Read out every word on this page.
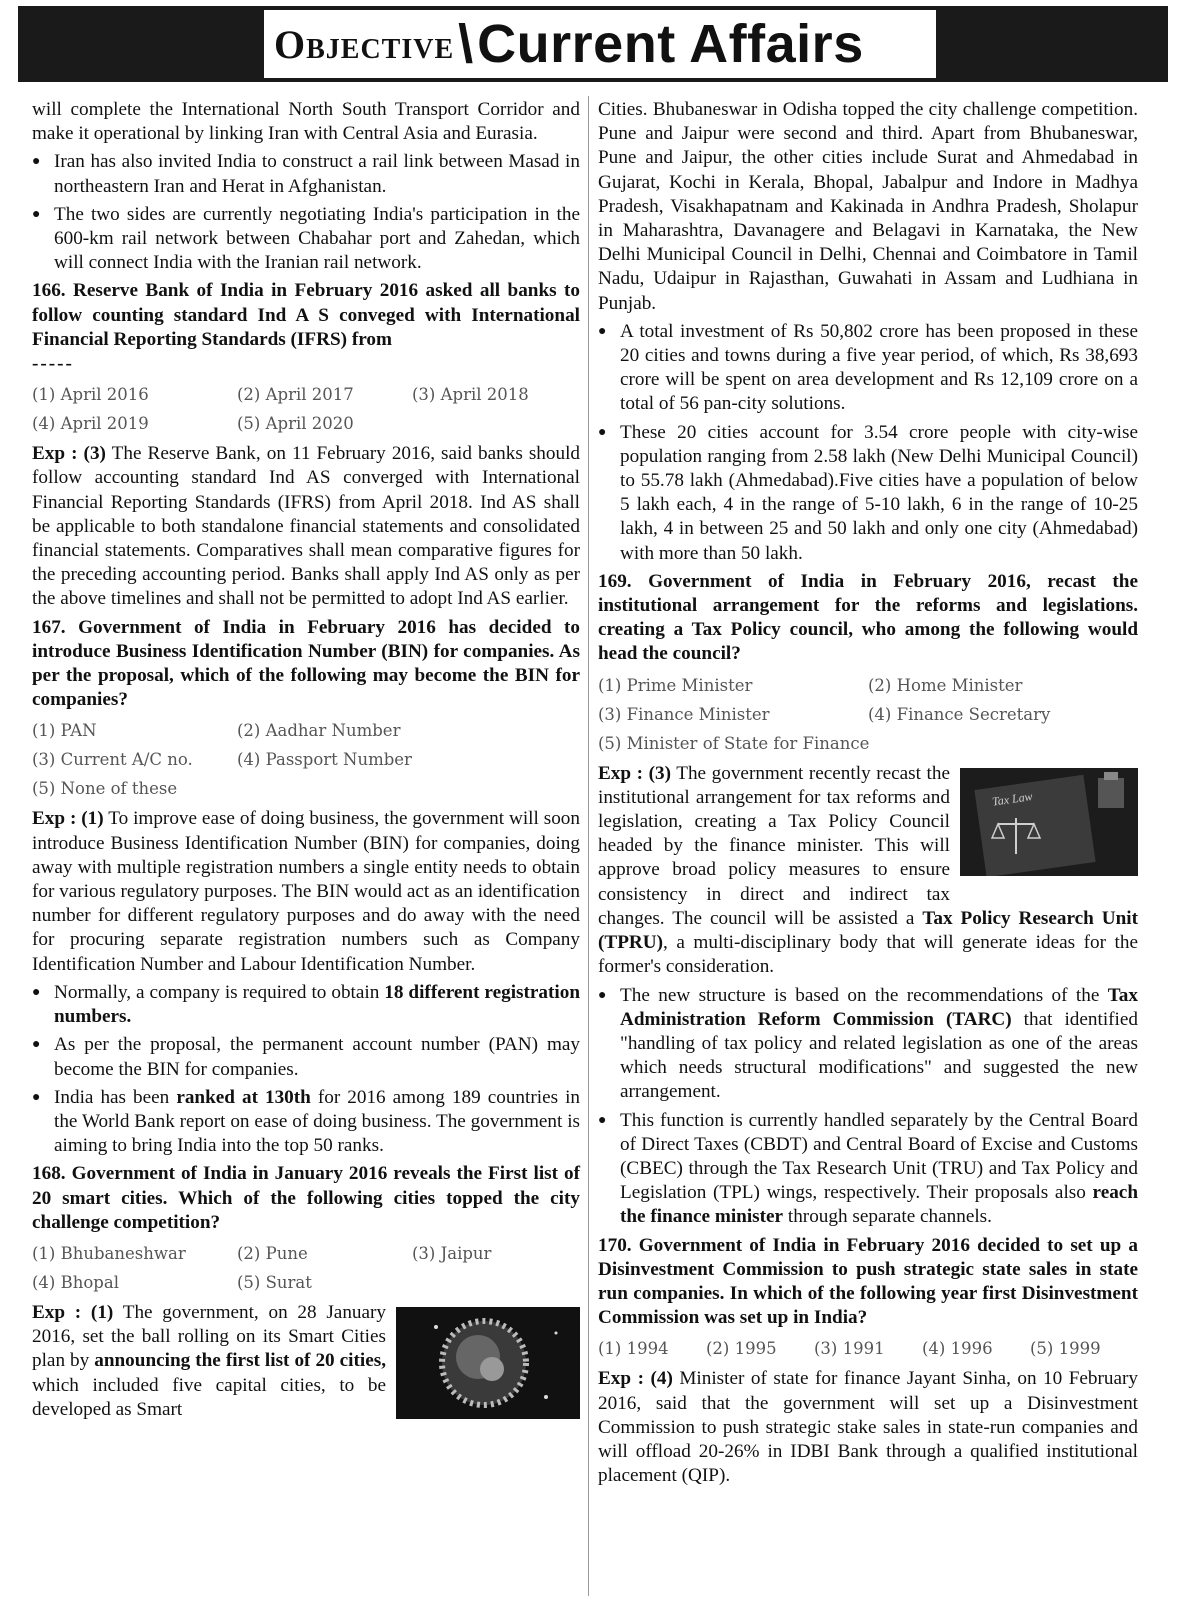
Objective \ Current Affairs

will complete the International North South Transport Corridor and make it operational by linking Iran with Central Asia and Eurasia.

● Iran has also invited India to construct a rail link between Masad in northeastern Iran and Herat in Afghanistan.
● The two sides are currently negotiating India's participation in the 600-km rail network between Chabahar port and Zahedan, which will connect India with the Iranian rail network.
166. Reserve Bank of India in February 2016 asked all banks to follow counting standard Ind A S conveged with International Financial Reporting Standards (IFRS) from
-----
(1) April 2016	(2) April 2017	(3) April 2018
(4) April 2019	(5) April 2020

Exp : (3) The Reserve Bank, on 11 February 2016, said banks should follow accounting standard Ind AS converged with International Financial Reporting Standards (IFRS) from April 2018. Ind AS shall be applicable to both standalone financial statements and consolidated financial statements. Comparatives shall mean comparative figures for the preceding accounting period. Banks shall apply Ind AS only as per the above timelines and shall not be permitted to adopt Ind AS earlier.

167. Government of India in February 2016 has decided to introduce Business Identification Number (BIN) for companies. As per the proposal, which of the following may become the BIN for companies?
(1) PAN	(2) Aadhar Number
(3) Current A/C no.	(4) Passport Number
(5) None of these

Exp : (1) To improve ease of doing business, the government will soon introduce Business Identification Number (BIN) for companies, doing away with multiple registration numbers a single entity needs to obtain for various regulatory purposes. The BIN would act as an identification number for different regulatory purposes and do away with the need for procuring separate registration numbers such as Company Identification Number and Labour Identification Number.

● Normally, a company is required to obtain 18 different registration numbers.
● As per the proposal, the permanent account number (PAN) may become the BIN for companies.
● India has been ranked at 130th for 2016 among 189 countries in the World Bank report on ease of doing business. The government is aiming to bring India into the top 50 ranks.
168. Government of India in January 2016 reveals the First list of 20 smart cities. Which of the following cities topped the city challenge competition?
(1) Bhubaneshwar	(2) Pune	(3) Jaipur
(4) Bhopal	(5) Surat

Exp : (1) The government, on 28 January 2016, set the ball rolling on its Smart Cities plan by announcing the first list of 20 cities, which included five capital cities, to be developed as Smart

Cities. Bhubaneswar in Odisha topped the city challenge competition. Pune and Jaipur were second and third. Apart from Bhubaneswar, Pune and Jaipur, the other cities include Surat and Ahmedabad in Gujarat, Kochi in Kerala, Bhopal, Jabalpur and Indore in Madhya Pradesh, Visakhapatnam and Kakinada in Andhra Pradesh, Sholapur in Maharashtra, Davanagere and Belagavi in Karnataka, the New Delhi Municipal Council in Delhi, Chennai and Coimbatore in Tamil Nadu, Udaipur in Rajasthan, Guwahati in Assam and Ludhiana in Punjab.

● A total investment of Rs 50,802 crore has been proposed in these 20 cities and towns during a five year period, of which, Rs 38,693 crore will be spent on area development and Rs 12,109 crore on a total of 56 pan-city solutions.
● These 20 cities account for 3.54 crore people with city-wise population ranging from 2.58 lakh (New Delhi Municipal Council) to 55.78 lakh (Ahmedabad).Five cities have a population of below 5 lakh each, 4 in the range of 5-10 lakh, 6 in the range of 10-25 lakh, 4 in between 25 and 50 lakh and only one city (Ahmedabad) with more than 50 lakh.
169. Government of India in February 2016, recast the institutional arrangement for the reforms and legislations. creating a Tax Policy council, who among the following would head the council?
(1) Prime Minister	(2) Home Minister
(3) Finance Minister	(4) Finance Secretary
(5) Minister of State for Finance
Tax Law

Exp : (3) The government recently recast the institutional arrangement for tax reforms and legislation, creating a Tax Policy Council headed by the finance minister. This will approve broad policy measures to ensure consistency in direct and indirect tax changes. The council will be assisted a Tax Policy Research Unit (TPRU), a multi-disciplinary body that will generate ideas for the former's consideration.

● The new structure is based on the recommendations of the Tax Administration Reform Commission (TARC) that identified "handling of tax policy and related legislation as one of the areas which needs structural modifications" and suggested the new arrangement.
● This function is currently handled separately by the Central Board of Direct Taxes (CBDT) and Central Board of Excise and Customs (CBEC) through the Tax Research Unit (TRU) and Tax Policy and Legislation (TPL) wings, respectively. Their proposals also reach the finance minister through separate channels.
170. Government of India in February 2016 decided to set up a Disinvestment Commission to push strategic state sales in state run companies. In which of the following year first Disinvestment Commission was set up in India?
(1) 1994	(2) 1995	(3) 1991	(4) 1996	(5) 1999

Exp : (4) Minister of state for finance Jayant Sinha, on 10 February 2016, said that the government will set up a Disinvestment Commission to push strategic stake sales in state-run companies and will offload 20-26% in IDBI Bank through a qualified institutional placement (QIP).
